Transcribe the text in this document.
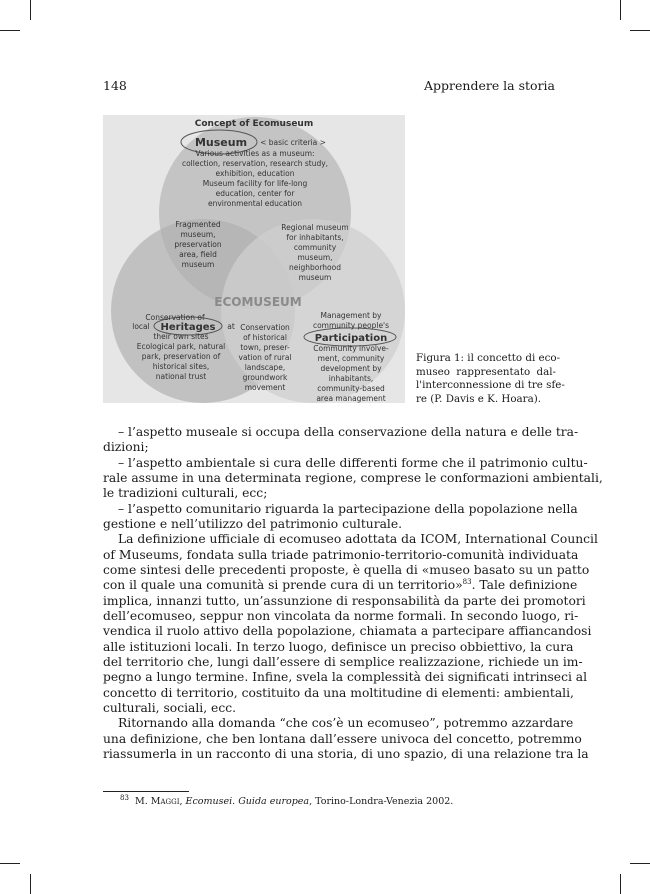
148	Apprendere la storia
Concept of Ecomuseum
Museum < basic criteria >
Various activities as a museum:
collection, reservation, research study,
exhibition, education
Museum facility for life-long
education, center for
environmental education
Fragmented
museum,
preservation
area, field
museum
Regional museum
for inhabitants,
community
museum,
neighborhood
museum
ECOMUSEUM
Conservation of
local Heritages at
their own sites
Ecological park, natural
park, preservation of
historical sites,
national trust
Conservation
of historical
town, preser-
vation of rural
landscape,
groundwork
movement
Management by
community people's
Participation
Community involve-
ment, community
development by
inhabitants,
community-based
area management
Figura 1: il concetto di eco-
museo rappresentato dal-
l'interconnessione di tre sfe-
re (P. Davis e K. Hoara).
– l’aspetto museale si occupa della conservazione della natura e delle tra-
dizioni;
– l’aspetto ambientale si cura delle differenti forme che il patrimonio cultu-
rale assume in una determinata regione, comprese le conformazioni ambientali,
le tradizioni culturali, ecc;
– l’aspetto comunitario riguarda la partecipazione della popolazione nella
gestione e nell’utilizzo del patrimonio culturale.
La definizione ufficiale di ecomuseo adottata da ICOM, International Council
of Museums, fondata sulla triade patrimonio-territorio-comunità individuata
come sintesi delle precedenti proposte, è quella di «museo basato su un patto
con il quale una comunità si prende cura di un territorio»$^{83}$. Tale definizione
implica, innanzi tutto, un’assunzione di responsabilità da parte dei promotori
dell’ecomuseo, seppur non vincolata da norme formali. In secondo luogo, ri-
vendica il ruolo attivo della popolazione, chiamata a partecipare affiancandosi
alle istituzioni locali. In terzo luogo, definisce un preciso obbiettivo, la cura
del territorio che, lungi dall’essere di semplice realizzazione, richiede un im-
pegno a lungo termine. Infine, svela la complessità dei significati intrinseci al
concetto di territorio, costituito da una moltitudine di elementi: ambientali,
culturali, sociali, ecc.
Ritornando alla domanda “che cos’è un ecomuseo”, potremmo azzardare
una definizione, che ben lontana dall’essere univoca del concetto, potremmo
riassumerla in un racconto di una storia, di uno spazio, di una relazione tra la
$^{83}$ M. Maggi, Ecomusei. Guida europea, Torino-Londra-Venezia 2002.
